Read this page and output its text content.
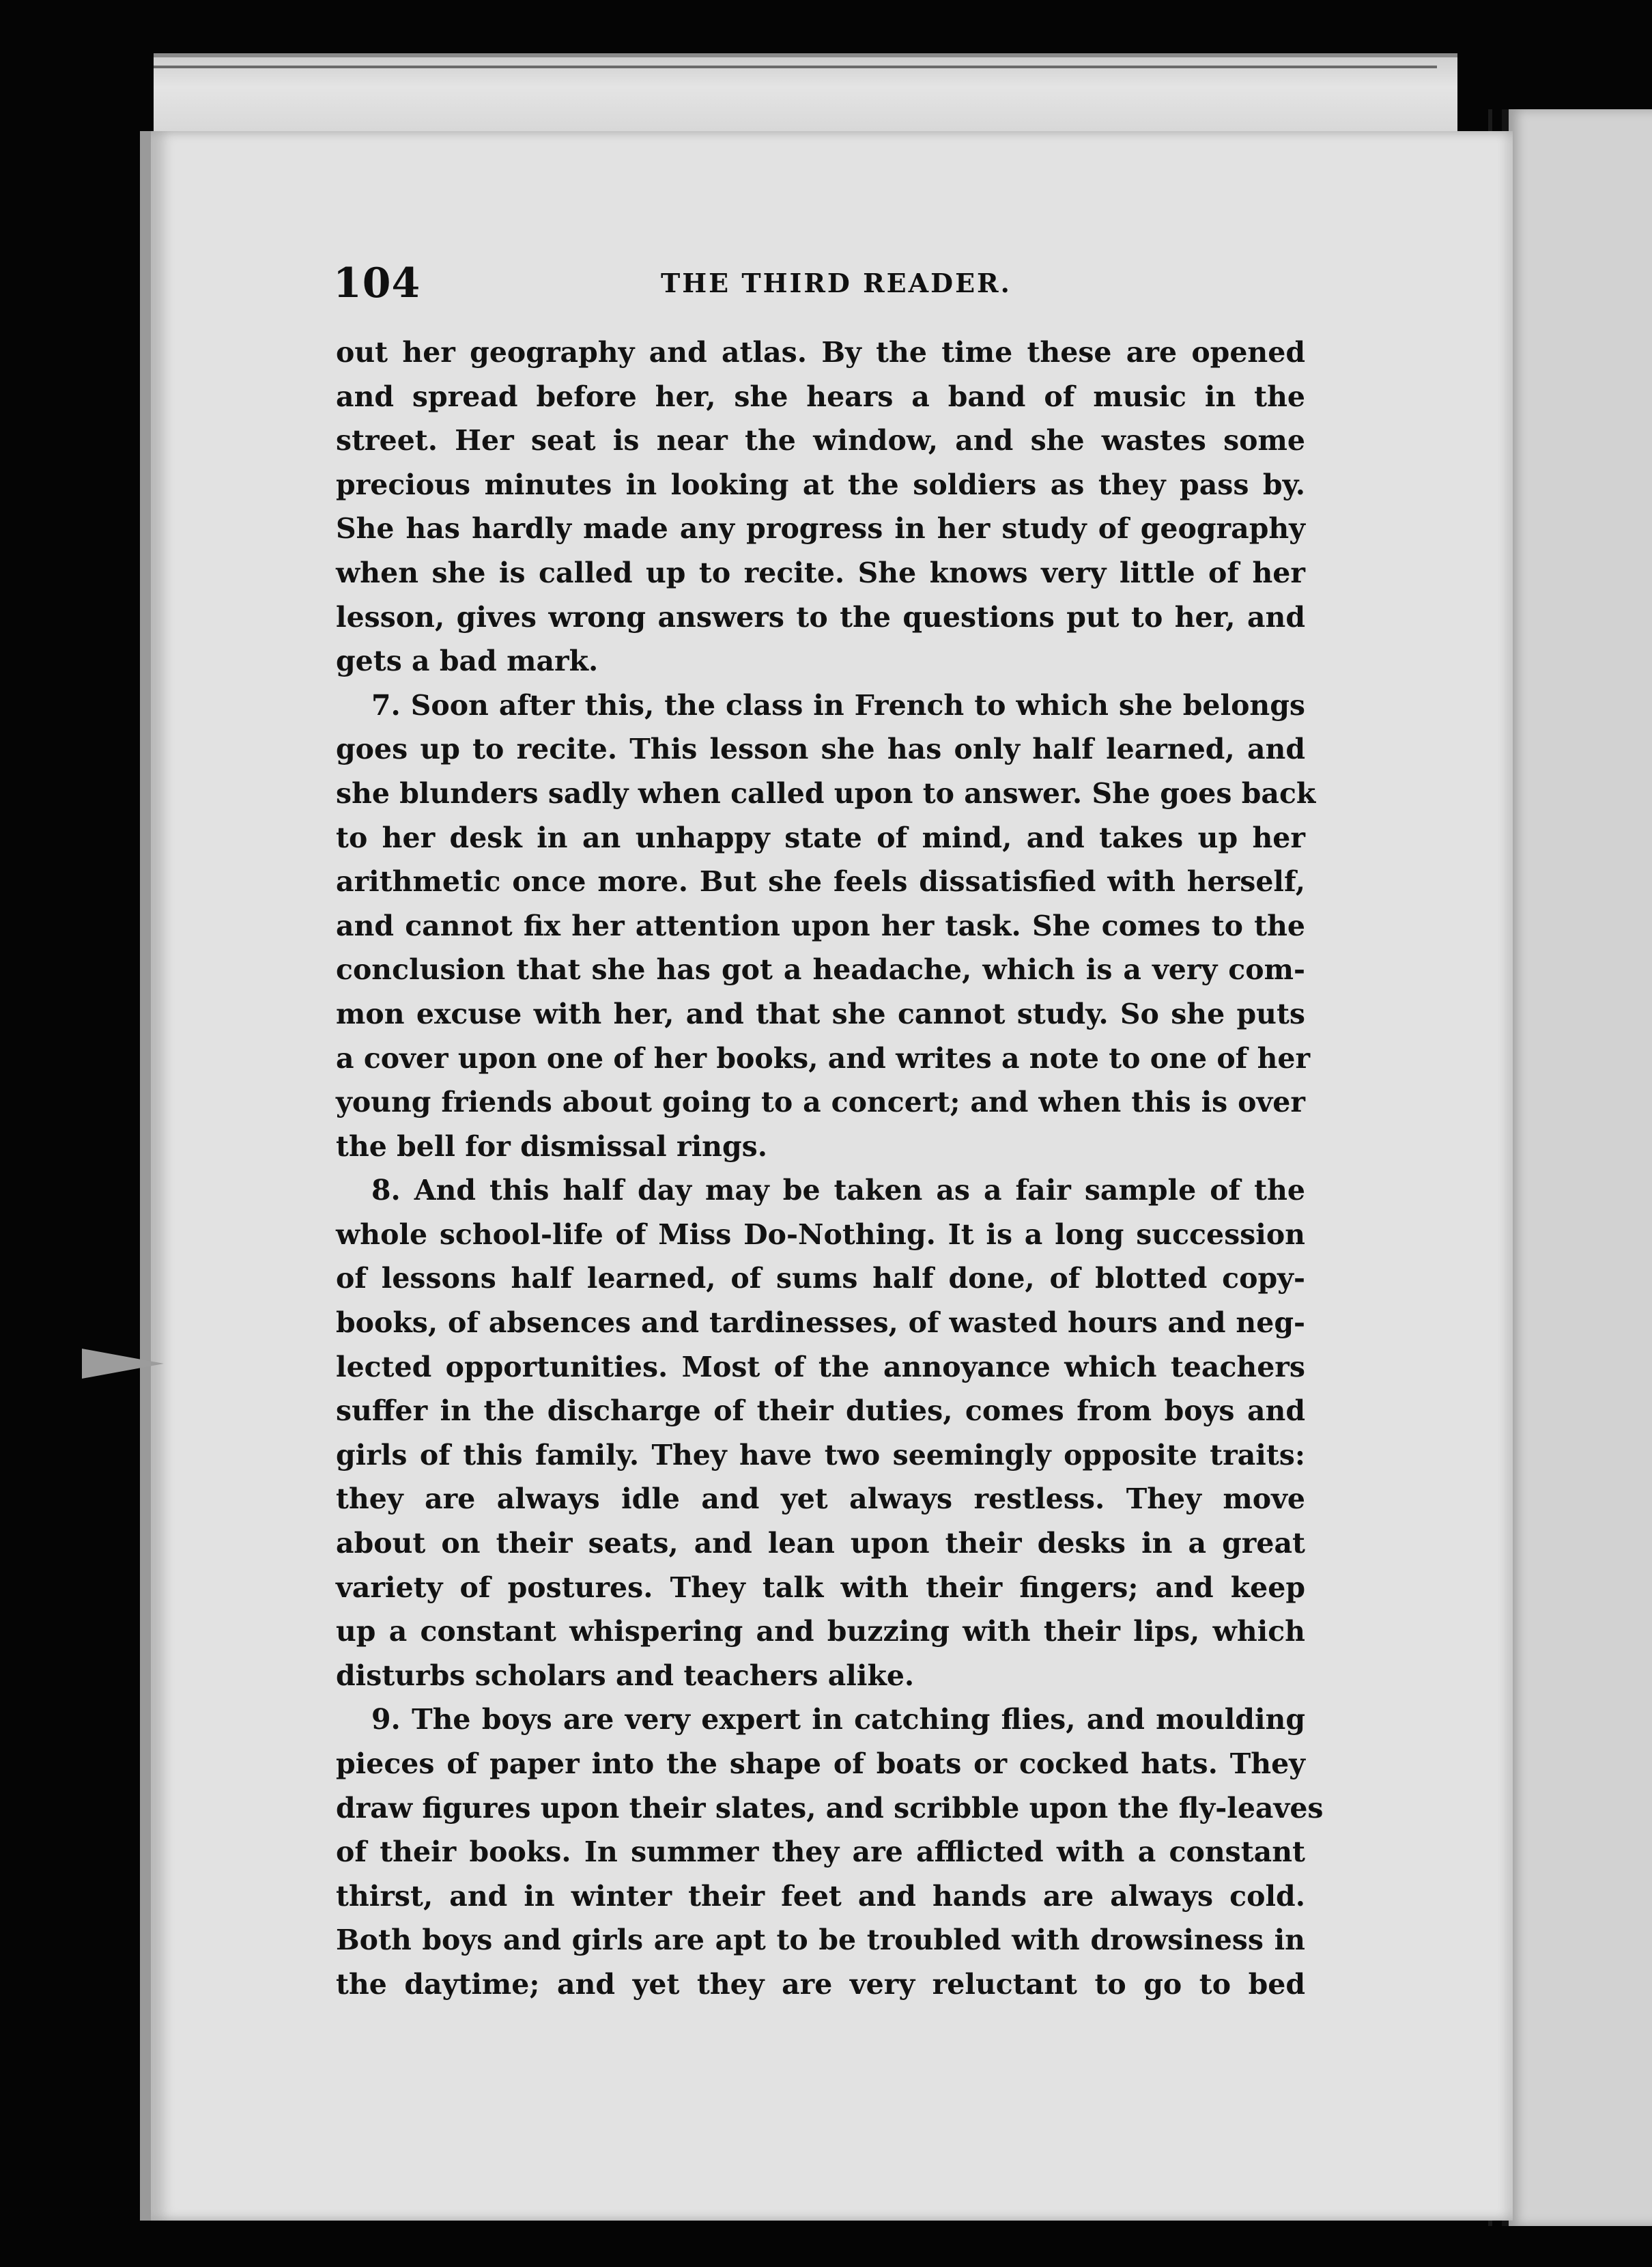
104	THE THIRD READER.
out her geography and atlas. By the time these are opened
and spread before her, she hears a band of music in the
street. Her seat is near the window, and she wastes some
precious minutes in looking at the soldiers as they pass by.
She has hardly made any progress in her study of geography
when she is called up to recite. She knows very little of her
lesson, gives wrong answers to the questions put to her, and
gets a bad mark.
7. Soon after this, the class in French to which she belongs
goes up to recite. This lesson she has only half learned, and
she blunders sadly when called upon to answer. She goes back
to her desk in an unhappy state of mind, and takes up her
arithmetic once more. But she feels dissatisfied with herself,
and cannot fix her attention upon her task. She comes to the
conclusion that she has got a headache, which is a very com-
mon excuse with her, and that she cannot study. So she puts
a cover upon one of her books, and writes a note to one of her
young friends about going to a concert; and when this is over
the bell for dismissal rings.
8. And this half day may be taken as a fair sample of the
whole school-life of Miss Do-Nothing. It is a long succession
of lessons half learned, of sums half done, of blotted copy-
books, of absences and tardinesses, of wasted hours and neg-
lected opportunities. Most of the annoyance which teachers
suffer in the discharge of their duties, comes from boys and
girls of this family. They have two seemingly opposite traits:
they are always idle and yet always restless. They move
about on their seats, and lean upon their desks in a great
variety of postures. They talk with their fingers; and keep
up a constant whispering and buzzing with their lips, which
disturbs scholars and teachers alike.
9. The boys are very expert in catching flies, and moulding
pieces of paper into the shape of boats or cocked hats. They
draw figures upon their slates, and scribble upon the fly-leaves
of their books. In summer they are afflicted with a constant
thirst, and in winter their feet and hands are always cold.
Both boys and girls are apt to be troubled with drowsiness in
the daytime; and yet they are very reluctant to go to bed
